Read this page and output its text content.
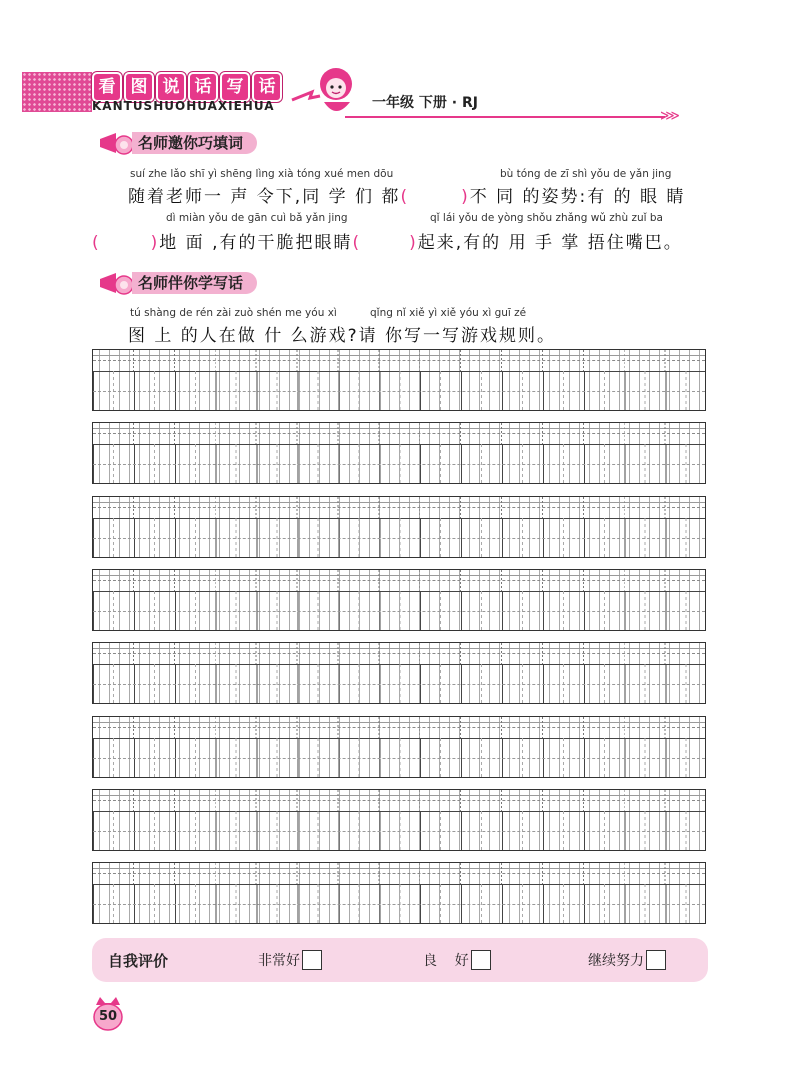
看 图 说 话 写 话
KANTUSHUOHUAXIEHUA	一年级 下册 · RJ
⋙
名师邀你巧填词
suí zhe lǎo shī yì shēng lìng xià tóng xué men dōu	bù tóng de zī shì yǒu de yǎn jing
随着老师一 声 令下,同 学 们 都(	)不 同 的姿势:有 的 眼 睛
dì miàn yǒu de gān cuì bǎ yǎn jing	qǐ lái yǒu de yòng shǒu zhǎng wǔ zhù zuǐ ba
(	)地 面 ,有的干脆把眼睛(	)起来,有的 用 手 掌 捂住嘴巴。
名师伴你学写话
tú shàng de rén zài zuò shén me yóu xì	qǐng nǐ xiě yì xiě yóu xì guī zé
图 上 的人在做 什 么游戏?请 你写一写游戏规则。
自我评价	非常好	良    好	继续努力
50
